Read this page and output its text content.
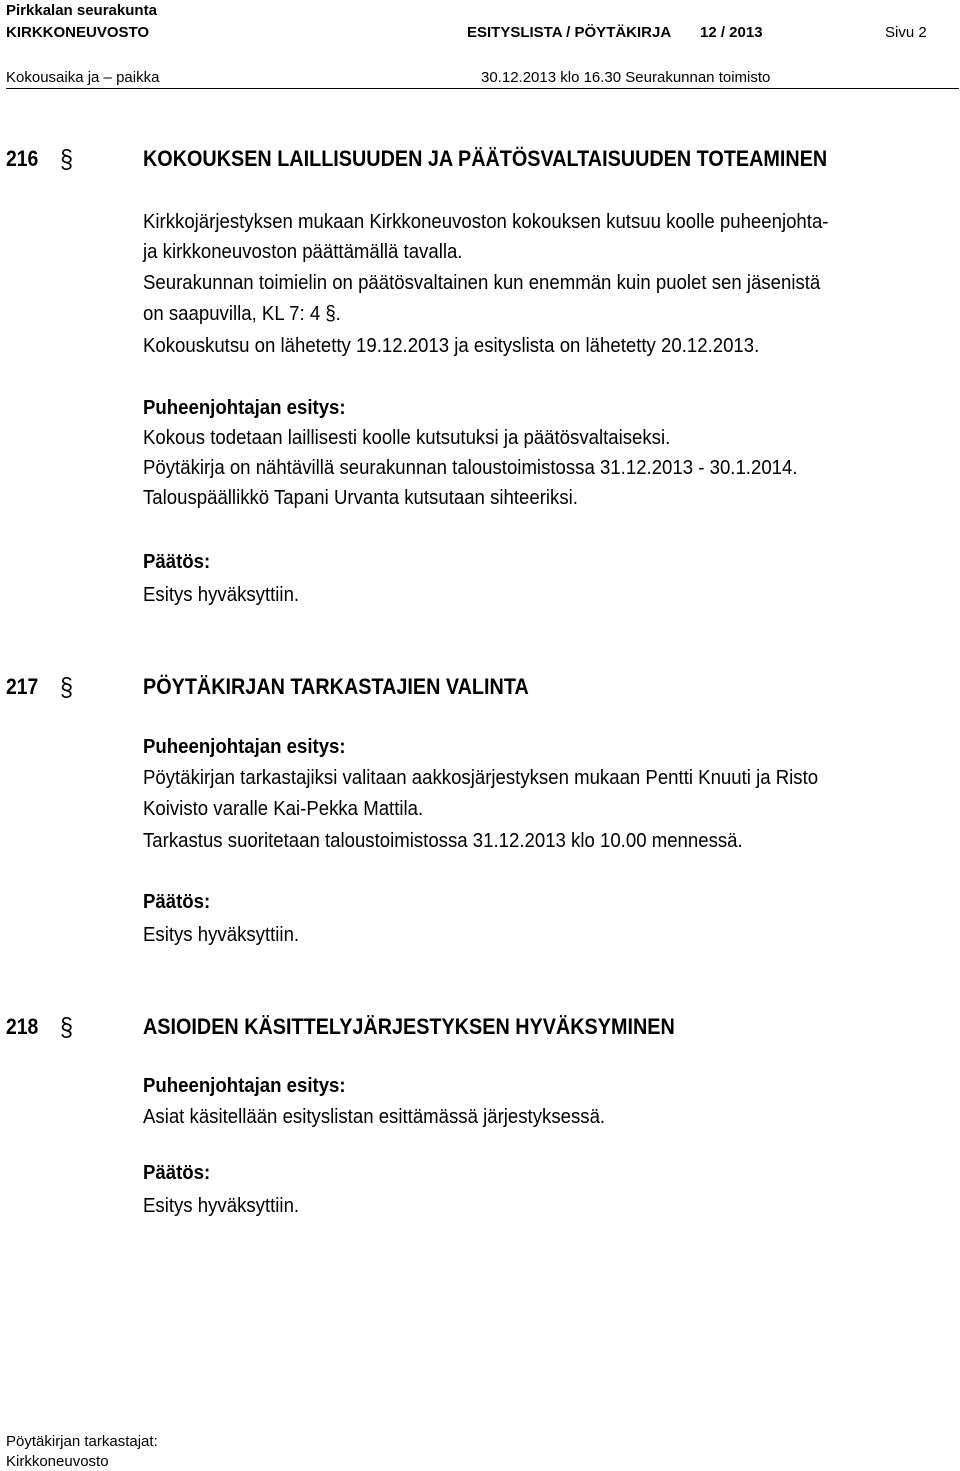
Pirkkalan seurakunta
KIRKKONEUVOSTO	ESITYSLISTA / PÖYTÄKIRJA 12 / 2013	Sivu 2
Kokousaika ja – paikka	30.12.2013 klo 16.30 Seurakunnan toimisto
216 §	KOKOUKSEN LAILLISUUDEN JA PÄÄTÖSVALTAISUUDEN TOTEAMINEN
Kirkkojärjestyksen mukaan Kirkkoneuvoston kokouksen kutsuu koolle puheenjohta-
ja kirkkoneuvoston päättämällä tavalla.
Seurakunnan toimielin on päätösvaltainen kun enemmän kuin puolet sen jäsenistä
on saapuvilla, KL 7: 4 §.
Kokouskutsu on lähetetty 19.12.2013 ja esityslista on lähetetty 20.12.2013.
Puheenjohtajan esitys:
Kokous todetaan laillisesti koolle kutsutuksi ja päätösvaltaiseksi.
Pöytäkirja on nähtävillä seurakunnan taloustoimistossa 31.12.2013 - 30.1.2014.
Talouspäällikkö Tapani Urvanta kutsutaan sihteeriksi.
Päätös:
Esitys hyväksyttiin.
217 §	PÖYTÄKIRJAN TARKASTAJIEN VALINTA
Puheenjohtajan esitys:
Pöytäkirjan tarkastajiksi valitaan aakkosjärjestyksen mukaan Pentti Knuuti ja Risto
Koivisto varalle Kai-Pekka Mattila.
Tarkastus suoritetaan taloustoimistossa 31.12.2013 klo 10.00 mennessä.
Päätös:
Esitys hyväksyttiin.
218 §	ASIOIDEN KÄSITTELYJÄRJESTYKSEN HYVÄKSYMINEN
Puheenjohtajan esitys:
Asiat käsitellään esityslistan esittämässä järjestyksessä.
Päätös:
Esitys hyväksyttiin.
Pöytäkirjan tarkastajat:
Kirkkoneuvosto
